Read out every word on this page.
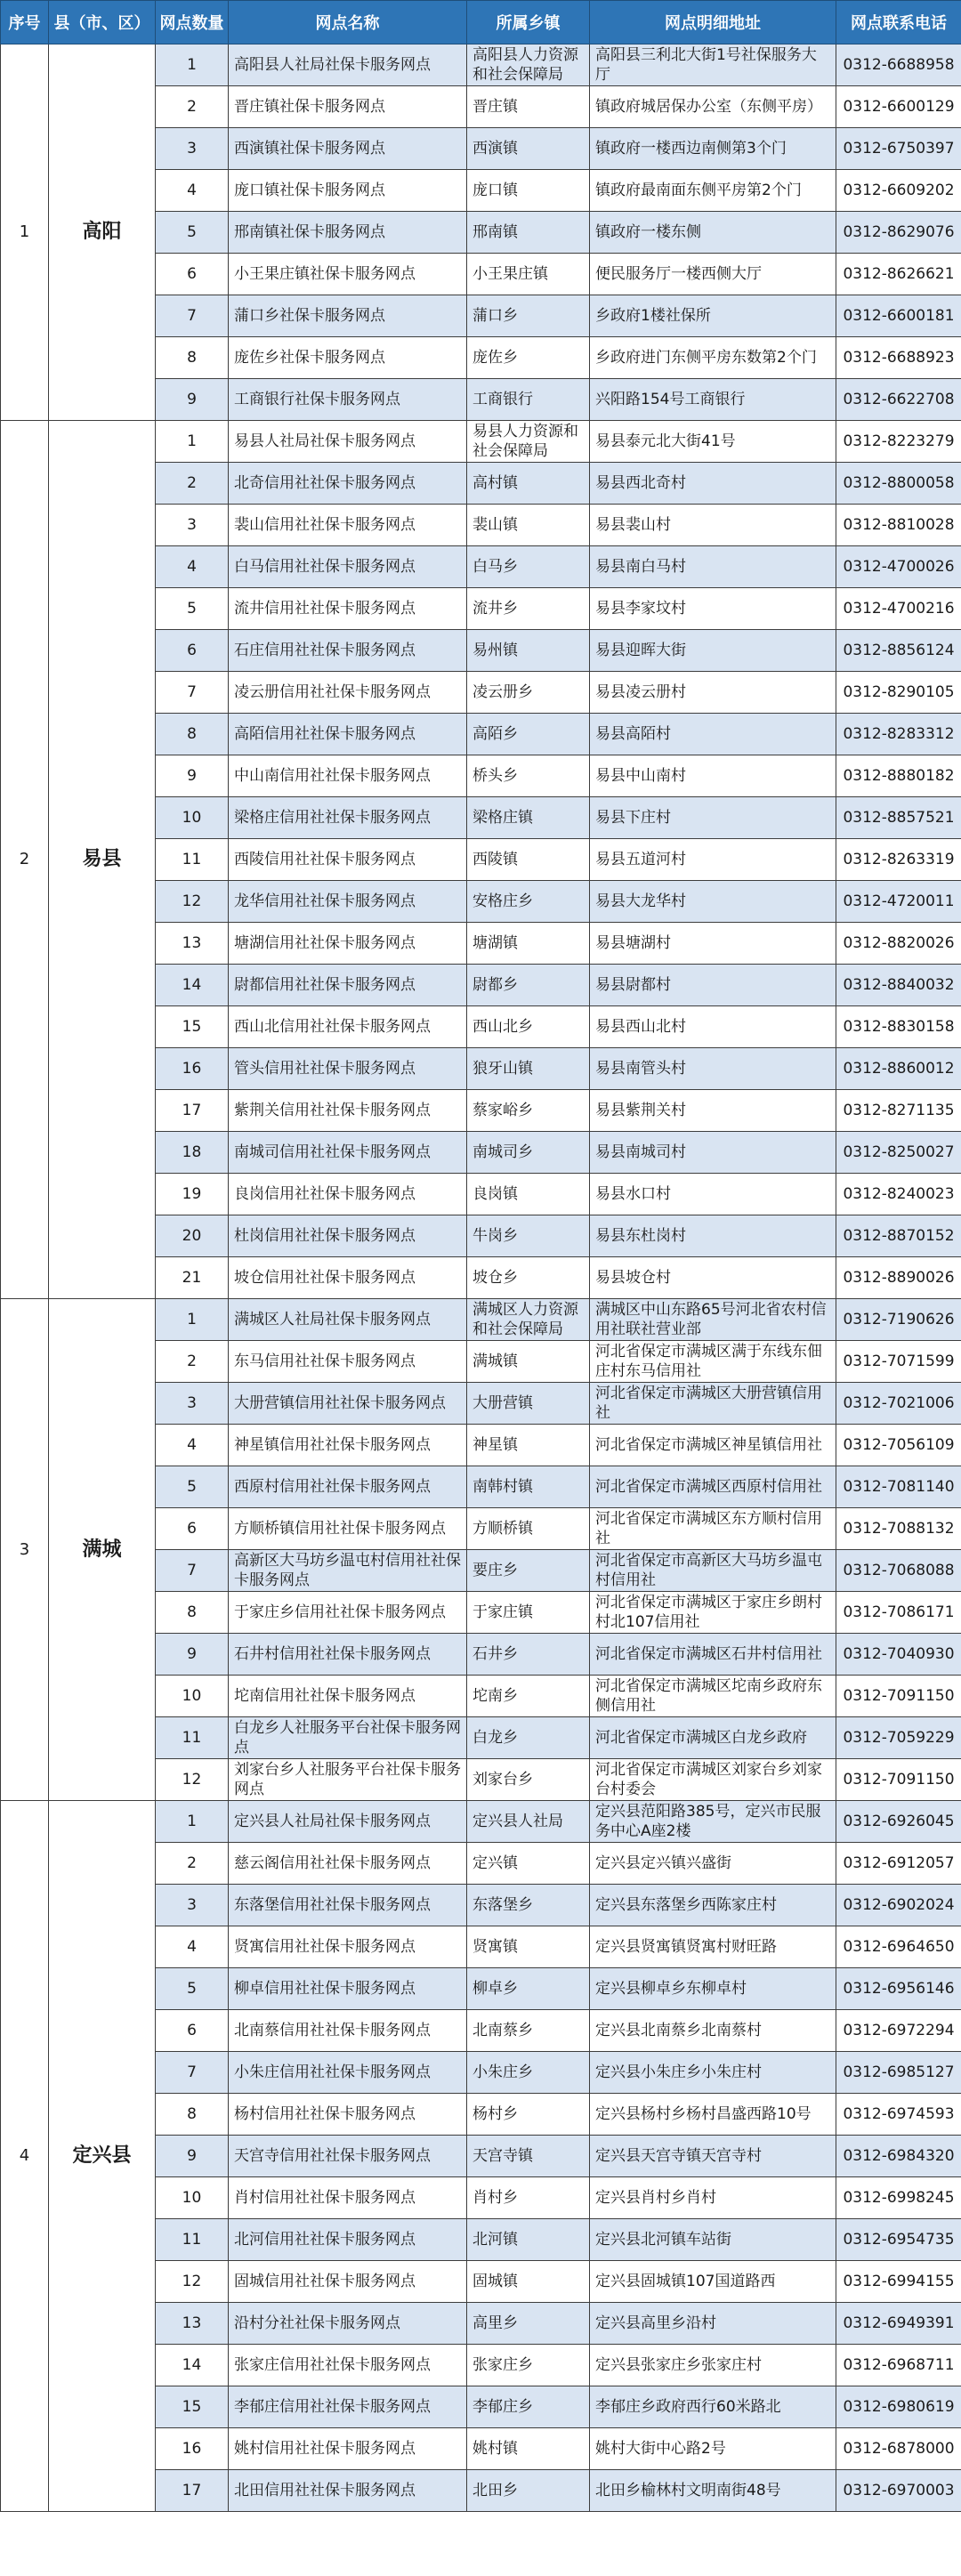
序号	县（市、区）	网点数量	网点名称	所属乡镇	网点明细地址	网点联系电话
1	高阳	1	高阳县人社局社保卡服务网点	高阳县人力资源和社会保障局	高阳县三利北大街1号社保服务大厅	0312-6688958
		2	晋庄镇社保卡服务网点	晋庄镇	镇政府城居保办公室（东侧平房）	0312-6600129
		3	西演镇社保卡服务网点	西演镇	镇政府一楼西边南侧第3个门	0312-6750397
		4	庞口镇社保卡服务网点	庞口镇	镇政府最南面东侧平房第2个门	0312-6609202
		5	邢南镇社保卡服务网点	邢南镇	镇政府一楼东侧	0312-8629076
		6	小王果庄镇社保卡服务网点	小王果庄镇	便民服务厅一楼西侧大厅	0312-8626621
		7	蒲口乡社保卡服务网点	蒲口乡	乡政府1楼社保所	0312-6600181
		8	庞佐乡社保卡服务网点	庞佐乡	乡政府进门东侧平房东数第2个门	0312-6688923
		9	工商银行社保卡服务网点	工商银行	兴阳路154号工商银行	0312-6622708
2	易县	1	易县人社局社保卡服务网点	易县人力资源和社会保障局	易县泰元北大街41号	0312-8223279
		2	北奇信用社社保卡服务网点	高村镇	易县西北奇村	0312-8800058
		3	裴山信用社社保卡服务网点	裴山镇	易县裴山村	0312-8810028
		4	白马信用社社保卡服务网点	白马乡	易县南白马村	0312-4700026
		5	流井信用社社保卡服务网点	流井乡	易县李家坟村	0312-4700216
		6	石庄信用社社保卡服务网点	易州镇	易县迎晖大街	0312-8856124
		7	凌云册信用社社保卡服务网点	凌云册乡	易县凌云册村	0312-8290105
		8	高陌信用社社保卡服务网点	高陌乡	易县高陌村	0312-8283312
		9	中山南信用社社保卡服务网点	桥头乡	易县中山南村	0312-8880182
		10	梁格庄信用社社保卡服务网点	梁格庄镇	易县下庄村	0312-8857521
		11	西陵信用社社保卡服务网点	西陵镇	易县五道河村	0312-8263319
		12	龙华信用社社保卡服务网点	安格庄乡	易县大龙华村	0312-4720011
		13	塘湖信用社社保卡服务网点	塘湖镇	易县塘湖村	0312-8820026
		14	尉都信用社社保卡服务网点	尉都乡	易县尉都村	0312-8840032
		15	西山北信用社社保卡服务网点	西山北乡	易县西山北村	0312-8830158
		16	管头信用社社保卡服务网点	狼牙山镇	易县南管头村	0312-8860012
		17	紫荆关信用社社保卡服务网点	蔡家峪乡	易县紫荆关村	0312-8271135
		18	南城司信用社社保卡服务网点	南城司乡	易县南城司村	0312-8250027
		19	良岗信用社社保卡服务网点	良岗镇	易县水口村	0312-8240023
		20	杜岗信用社社保卡服务网点	牛岗乡	易县东杜岗村	0312-8870152
		21	坡仓信用社社保卡服务网点	坡仓乡	易县坡仓村	0312-8890026
3	满城	1	满城区人社局社保卡服务网点	满城区人力资源和社会保障局	满城区中山东路65号河北省农村信用社联社营业部	0312-7190626
		2	东马信用社社保卡服务网点	满城镇	河北省保定市满城区满于东线东佃庄村东马信用社	0312-7071599
		3	大册营镇信用社社保卡服务网点	大册营镇	河北省保定市满城区大册营镇信用社	0312-7021006
		4	神星镇信用社社保卡服务网点	神星镇	河北省保定市满城区神星镇信用社	0312-7056109
		5	西原村信用社社保卡服务网点	南韩村镇	河北省保定市满城区西原村信用社	0312-7081140
		6	方顺桥镇信用社社保卡服务网点	方顺桥镇	河北省保定市满城区东方顺村信用社	0312-7088132
		7	高新区大马坊乡温屯村信用社社保卡服务网点	要庄乡	河北省保定市高新区大马坊乡温屯村信用社	0312-7068088
		8	于家庄乡信用社社保卡服务网点	于家庄镇	河北省保定市满城区于家庄乡朗村村北107信用社	0312-7086171
		9	石井村信用社社保卡服务网点	石井乡	河北省保定市满城区石井村信用社	0312-7040930
		10	坨南信用社社保卡服务网点	坨南乡	河北省保定市满城区坨南乡政府东侧信用社	0312-7091150
		11	白龙乡人社服务平台社保卡服务网点	白龙乡	河北省保定市满城区白龙乡政府	0312-7059229
		12	刘家台乡人社服务平台社保卡服务网点	刘家台乡	河北省保定市满城区刘家台乡刘家台村委会	0312-7091150
4	定兴县	1	定兴县人社局社保卡服务网点	定兴县人社局	定兴县范阳路385号，定兴市民服务中心A座2楼	0312-6926045
		2	慈云阁信用社社保卡服务网点	定兴镇	定兴县定兴镇兴盛街	0312-6912057
		3	东落堡信用社社保卡服务网点	东落堡乡	定兴县东落堡乡西陈家庄村	0312-6902024
		4	贤寓信用社社保卡服务网点	贤寓镇	定兴县贤寓镇贤寓村财旺路	0312-6964650
		5	柳卓信用社社保卡服务网点	柳卓乡	定兴县柳卓乡东柳卓村	0312-6956146
		6	北南蔡信用社社保卡服务网点	北南蔡乡	定兴县北南蔡乡北南蔡村	0312-6972294
		7	小朱庄信用社社保卡服务网点	小朱庄乡	定兴县小朱庄乡小朱庄村	0312-6985127
		8	杨村信用社社保卡服务网点	杨村乡	定兴县杨村乡杨村昌盛西路10号	0312-6974593
		9	天宫寺信用社社保卡服务网点	天宫寺镇	定兴县天宫寺镇天宫寺村	0312-6984320
		10	肖村信用社社保卡服务网点	肖村乡	定兴县肖村乡肖村	0312-6998245
		11	北河信用社社保卡服务网点	北河镇	定兴县北河镇车站街	0312-6954735
		12	固城信用社社保卡服务网点	固城镇	定兴县固城镇107国道路西	0312-6994155
		13	沿村分社社保卡服务网点	高里乡	定兴县高里乡沿村	0312-6949391
		14	张家庄信用社社保卡服务网点	张家庄乡	定兴县张家庄乡张家庄村	0312-6968711
		15	李郁庄信用社社保卡服务网点	李郁庄乡	李郁庄乡政府西行60米路北	0312-6980619
		16	姚村信用社社保卡服务网点	姚村镇	姚村大街中心路2号	0312-6878000
		17	北田信用社社保卡服务网点	北田乡	北田乡榆林村文明南街48号	0312-6970003
